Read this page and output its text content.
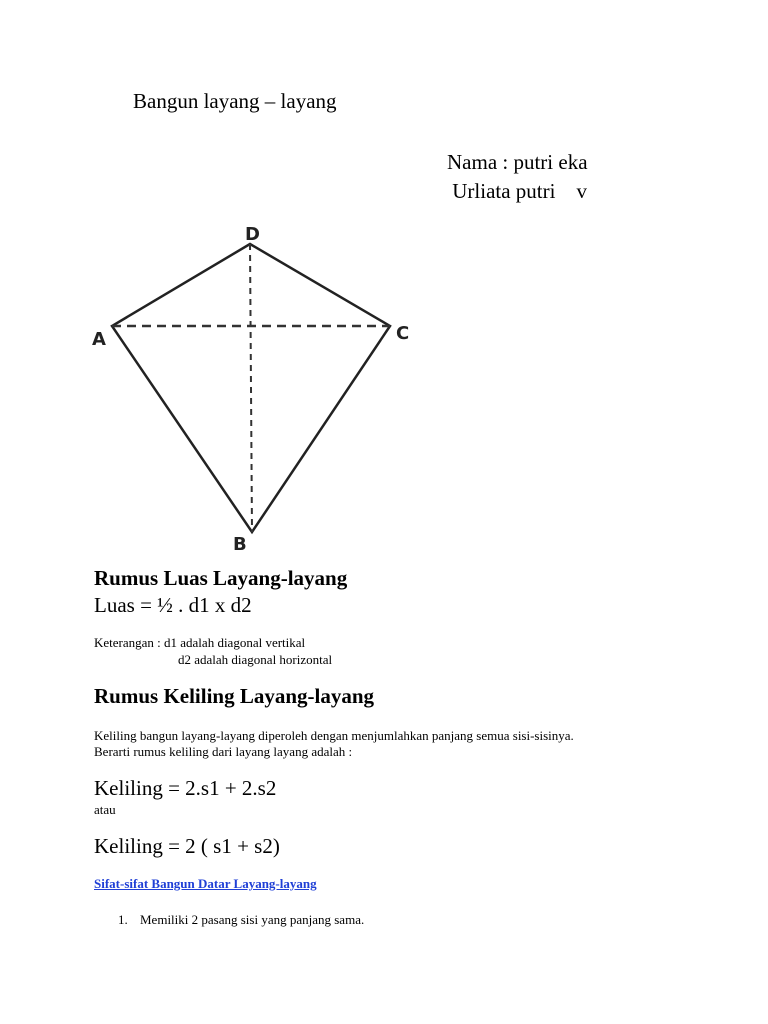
Bangun layang – layang
Nama : putri eka
Urliata putri    v
D
A	C
B
Rumus Luas Layang-layang
Luas = ½ . d1 x d2
Keterangan : d1 adalah diagonal vertikal
d2 adalah diagonal horizontal
Rumus Keliling Layang-layang
Keliling bangun layang-layang diperoleh dengan menjumlahkan panjang semua sisi-sisinya.
Berarti rumus keliling dari layang layang adalah :
Keliling = 2.s1 + 2.s2
atau
Keliling = 2 ( s1 + s2)
Sifat-sifat Bangun Datar Layang-layang
1. Memiliki 2 pasang sisi yang panjang sama.
